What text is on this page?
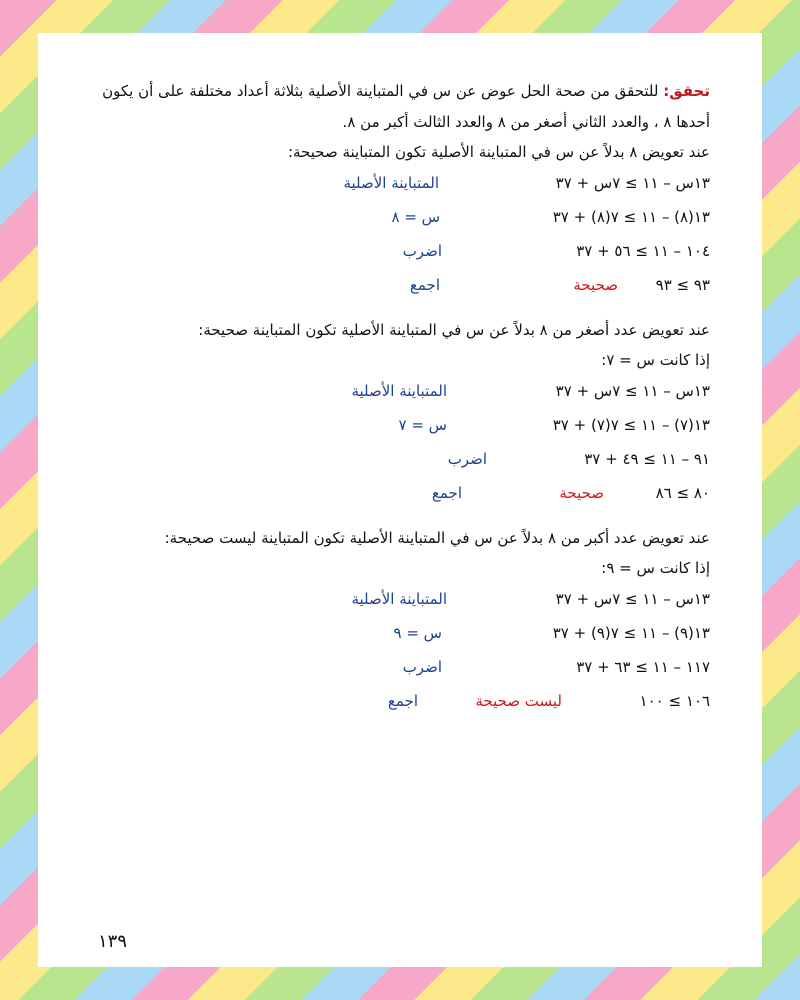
تحقق: للتحقق من صحة الحل عوض عن س في المتباينة الأصلية بثلاثة أعداد مختلفة على أن يكون

أحدها ٨ ، والعدد الثاني أصغر من ٨ والعدد الثالث أكبر من ٨.

عند تعويض ٨ بدلاً عن س في المتباينة الأصلية تكون المتباينة صحيحة:

١٣س – ١١ ≥ ٧س + ٣٧
المتباينة الأصلية
١٣(٨) – ١١ ≥ ٧(٨) + ٣٧
س = ٨
١٠٤ – ١١ ≥ ٥٦ + ٣٧
اضرب
٩٣ ≥ ٩٣
صحيحة
اجمع

عند تعويض عدد أصغر من ٨ بدلاً عن س في المتباينة الأصلية تكون المتباينة صحيحة:

إذا كانت س = ٧:

١٣س – ١١ ≥ ٧س + ٣٧
المتباينة الأصلية
١٣(٧) – ١١ ≥ ٧(٧) + ٣٧
س = ٧
٩١ – ١١ ≥ ٤٩ + ٣٧
اضرب
٨٠ ≥ ٨٦
صحيحة
اجمع

عند تعويض عدد أكبر من ٨ بدلاً عن س في المتباينة الأصلية تكون المتباينة ليست صحيحة:

إذا كانت س = ٩:

١٣س – ١١ ≥ ٧س + ٣٧
المتباينة الأصلية
١٣(٩) – ١١ ≥ ٧(٩) + ٣٧
س = ٩
١١٧ – ١١ ≥ ٦٣ + ٣٧
اضرب
١٠٦ ≥ ١٠٠
ليست صحيحة
اجمع
١٣٩
